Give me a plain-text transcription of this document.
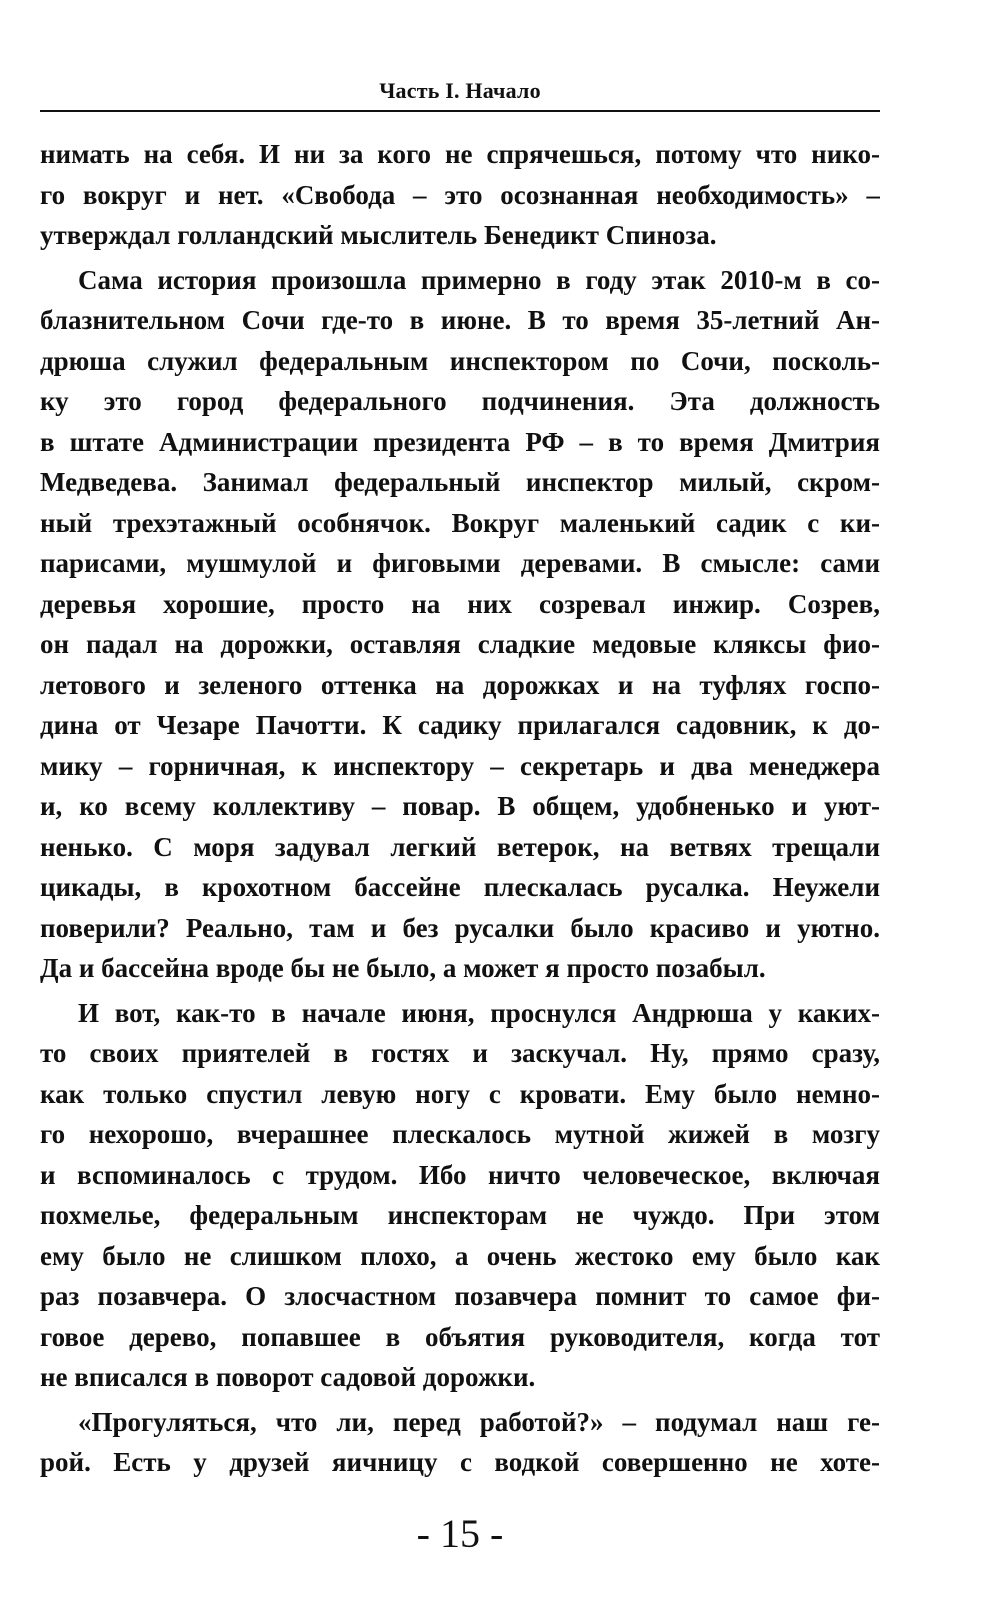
Часть I. Начало

нимать на себя. И ни за кого не спрячешься, потому что нико-

го вокруг и нет. «Свобода – это осознанная необходимость» –

утверждал голландский мыслитель Бенедикт Спиноза.

Сама история произошла примерно в году этак 2010-м в со-

блазнительном Сочи где-то в июне. В то время 35-летний Ан-

дрюша служил федеральным инспектором по Сочи, посколь-

ку это город федерального подчинения. Эта должность

в штате Администрации президента РФ – в то время Дмитрия

Медведева. Занимал федеральный инспектор милый, скром-

ный трехэтажный особнячок. Вокруг маленький садик с ки-

парисами, мушмулой и фиговыми деревами. В смысле: сами

деревья хорошие, просто на них созревал инжир. Созрев,

он падал на дорожки, оставляя сладкие медовые кляксы фио-

летового и зеленого оттенка на дорожках и на туфлях госпо-

дина от Чезаре Пачотти. К садику прилагался садовник, к до-

мику – горничная, к инспектору – секретарь и два менеджера

и, ко всему коллективу – повар. В общем, удобненько и уют-

ненько. С моря задувал легкий ветерок, на ветвях трещали

цикады, в крохотном бассейне плескалась русалка. Неужели

поверили? Реально, там и без русалки было красиво и уютно.

Да и бассейна вроде бы не было, а может я просто позабыл.

И вот, как-то в начале июня, проснулся Андрюша у каких-

то своих приятелей в гостях и заскучал. Ну, прямо сразу,

как только спустил левую ногу с кровати. Ему было немно-

го нехорошо, вчерашнее плескалось мутной жижей в мозгу

и вспоминалось с трудом. Ибо ничто человеческое, включая

похмелье, федеральным инспекторам не чуждо. При этом

ему было не слишком плохо, а очень жестоко ему было как

раз позавчера. О злосчастном позавчера помнит то самое фи-

говое дерево, попавшее в объятия руководителя, когда тот

не вписался в поворот садовой дорожки.

«Прогуляться, что ли, перед работой?» – подумал наш ге-

рой. Есть у друзей яичницу с водкой совершенно не хоте-

- 15 -
